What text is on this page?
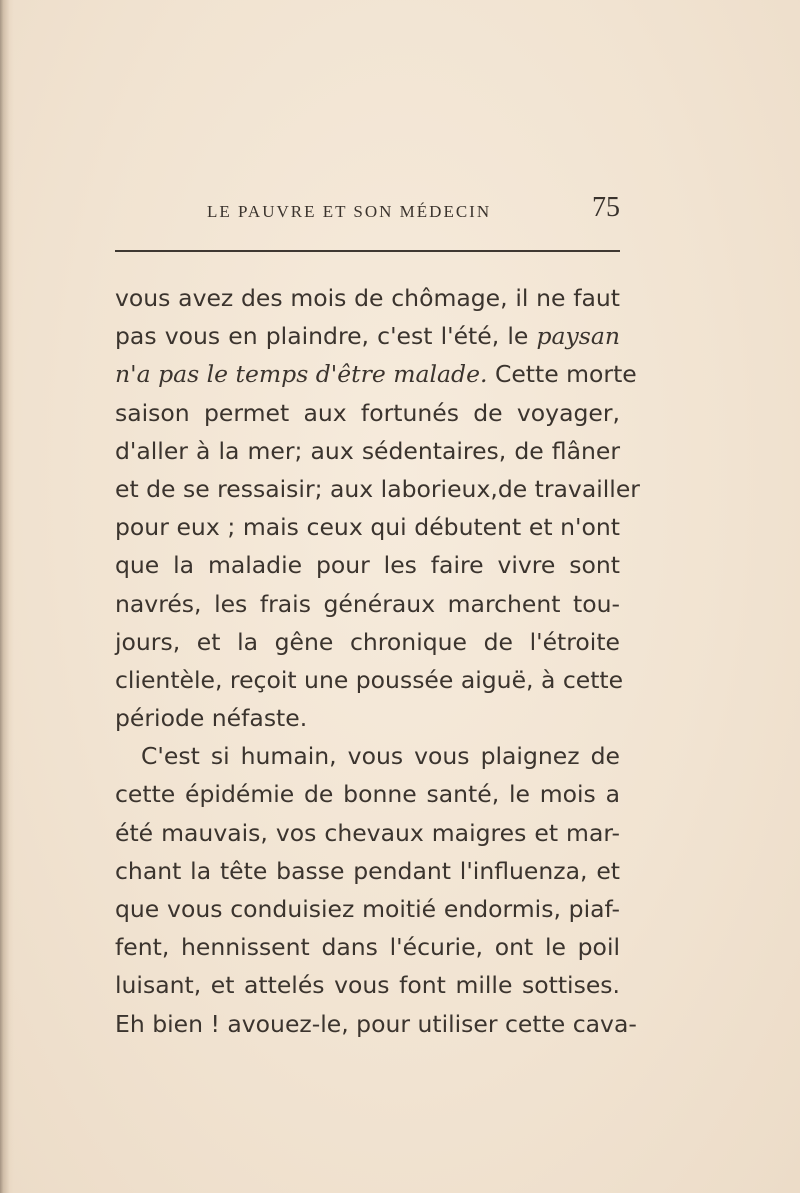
LE PAUVRE ET SON MÉDECIN	75
vous avez des mois de chômage, il ne faut
pas vous en plaindre, c'est l'été, le paysan
n'a pas le temps d'être malade. Cette morte
saison permet aux fortunés de voyager,
d'aller à la mer; aux sédentaires, de flâner
et de se ressaisir; aux laborieux,de travailler
pour eux ; mais ceux qui débutent et n'ont
que la maladie pour les faire vivre sont
navrés, les frais généraux marchent tou-
jours, et la gêne chronique de l'étroite
clientèle, reçoit une poussée aiguë, à cette
période néfaste.
C'est si humain, vous vous plaignez de
cette épidémie de bonne santé, le mois a
été mauvais, vos chevaux maigres et mar-
chant la tête basse pendant l'influenza, et
que vous conduisiez moitié endormis, piaf-
fent, hennissent dans l'écurie, ont le poil
luisant, et attelés vous font mille sottises.
Eh bien ! avouez-le, pour utiliser cette cava-
